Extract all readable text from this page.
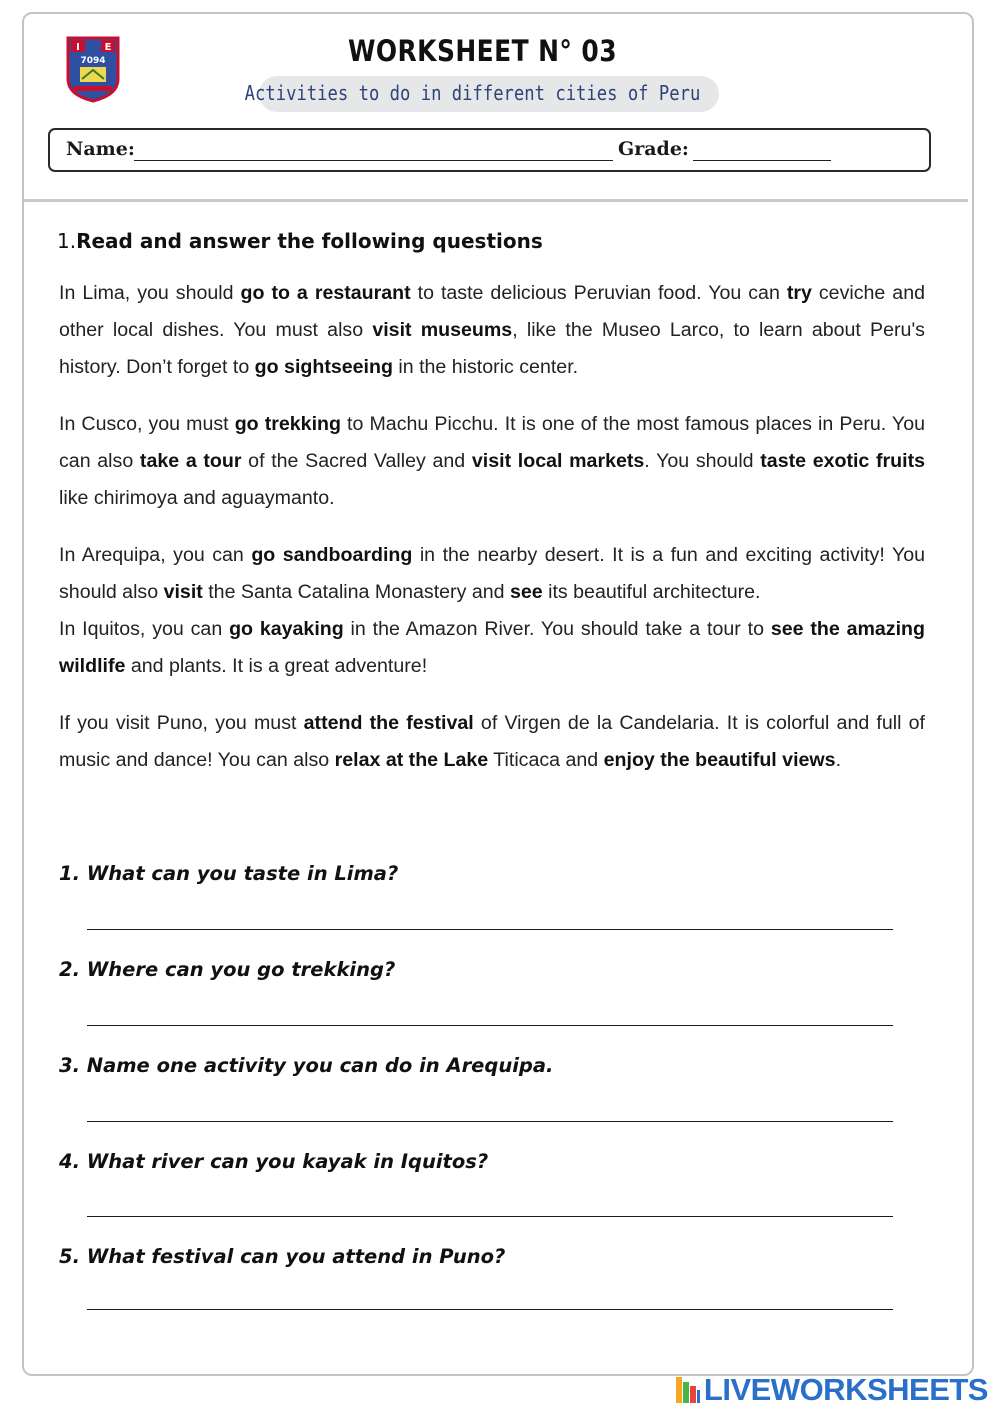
I E
7094	WORKSHEET N° 03
Activities to do in different cities of Peru
Name:	Grade:
1.Read and answer the following questions

In Lima, you should go to a restaurant to taste delicious Peruvian food. You can try ceviche and other local dishes. You must also visit museums, like the Museo Larco, to learn about Peru's history. Don’t forget to go sightseeing in the historic center.

In Cusco, you must go trekking to Machu Picchu. It is one of the most famous places in Peru. You can also take a tour of the Sacred Valley and visit local markets. You should taste exotic fruits like chirimoya and aguaymanto.

In Arequipa, you can go sandboarding in the nearby desert. It is a fun and exciting activity! You should also visit the Santa Catalina Monastery and see its beautiful architecture.

In Iquitos, you can go kayaking in the Amazon River. You should take a tour to see the amazing wildlife and plants. It is a great adventure!

If you visit Puno, you must attend the festival of Virgen de la Candelaria. It is colorful and full of music and dance! You can also relax at the Lake Titicaca and enjoy the beautiful views.

1. What can you taste in Lima?
2. Where can you go trekking?
3. Name one activity you can do in Arequipa.
4. What river can you kayak in Iquitos?
5. What festival can you attend in Puno?
LIVEWORKSHEETS
